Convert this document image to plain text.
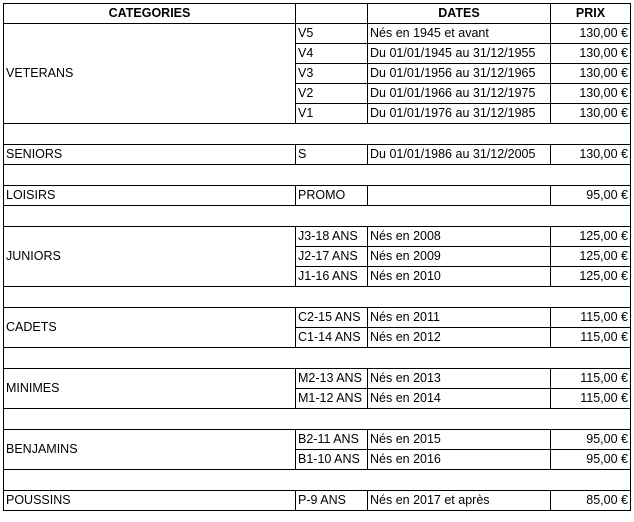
CATEGORIES		DATES	PRIX
VETERANS	V5	Nés en 1945 et avant	130,00 €
	V4	Du 01/01/1945 au 31/12/1955	130,00 €
	V3	Du 01/01/1956 au 31/12/1965	130,00 €
	V2	Du 01/01/1966 au 31/12/1975	130,00 €
	V1	Du 01/01/1976 au 31/12/1985	130,00 €

SENIORS	S	Du 01/01/1986 au 31/12/2005	130,00 €

LOISIRS	PROMO		95,00 €

JUNIORS	J3-18 ANS	Nés en 2008	125,00 €
	J2-17 ANS	Nés en 2009	125,00 €
	J1-16 ANS	Nés en 2010	125,00 €

CADETS	C2-15 ANS	Nés en 2011	115,00 €
	C1-14 ANS	Nés en 2012	115,00 €

MINIMES	M2-13 ANS	Nés en 2013	115,00 €
	M1-12 ANS	Nés en 2014	115,00 €

BENJAMINS	B2-11 ANS	Nés en 2015	95,00 €
	B1-10 ANS	Nés en 2016	95,00 €

POUSSINS	P-9 ANS	Nés en 2017 et après	85,00 €
